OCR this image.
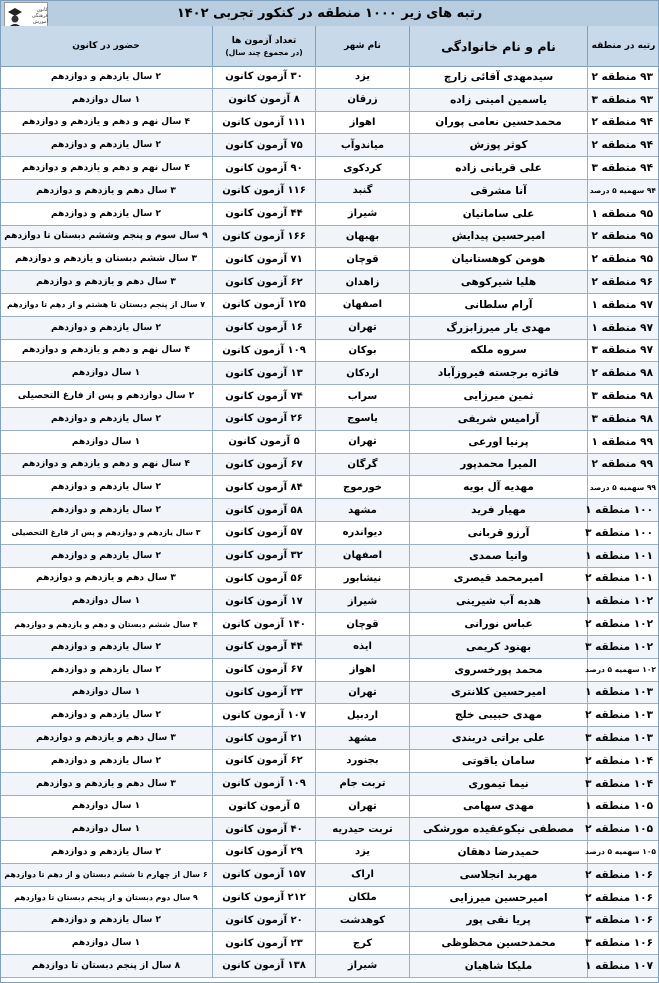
رتبه های زیر ۱۰۰۰ منطقه در کنکور تجربی ۱۴۰۲
کانون
فرهنگی
آموزش
رتبه در منطقه
نام و نام خانوادگی
نام شهر
تعداد آزمون ها
(در مجموع چند سال)
حضور در کانون
۹۳ منطقه ۲
سیدمهدی آقائی زارچ
یزد
۳۰ آزمون کانون
۲ سال یازدهم و دوازدهم
۹۳ منطقه ۳
یاسمین امینی زاده
زرقان
۸ آزمون کانون
۱ سال دوازدهم
۹۴ منطقه ۲
محمدحسین نعامی پوران
اهواز
۱۱۱ آزمون کانون
۴ سال نهم و دهم و یازدهم و دوازدهم
۹۴ منطقه ۲
کوثر پوزش
میاندوآب
۷۵ آزمون کانون
۲ سال یازدهم و دوازدهم
۹۴ منطقه ۳
علی قربانی زاده
کردکوی
۹۰ آزمون کانون
۴ سال نهم و دهم و یازدهم و دوازدهم
۹۴ سهمیه ۵ درصد
آنا مشرقی
گنبد
۱۱۶ آزمون کانون
۳ سال دهم و یازدهم و دوازدهم
۹۵ منطقه ۱
علی سامانیان
شیراز
۴۴ آزمون کانون
۲ سال یازدهم و دوازدهم
۹۵ منطقه ۲
امیرحسین پیدایش
بهبهان
۱۶۶ آزمون کانون
۹ سال سوم و پنجم وششم دبستان تا دوازدهم
۹۵ منطقه ۲
هومن کوهستانیان
قوچان
۷۱ آزمون کانون
۳ سال ششم دبستان و یازدهم و دوازدهم
۹۶ منطقه ۲
هلیا شیرکوهی
زاهدان
۶۲ آزمون کانون
۳ سال دهم و یازدهم و دوازدهم
۹۷ منطقه ۱
آرام سلطانی
اصفهان
۱۲۵ آزمون کانون
۷ سال از پنجم دبستان تا هشتم و از دهم تا دوازدهم
۹۷ منطقه ۱
مهدی یار میرزابزرگ
تهران
۱۶ آزمون کانون
۲ سال یازدهم و دوازدهم
۹۷ منطقه ۳
سروه ملکه
بوکان
۱۰۹ آزمون کانون
۴ سال نهم و دهم و یازدهم و دوازدهم
۹۸ منطقه ۲
فائزه برجسته فیروزآباد
اردکان
۱۳ آزمون کانون
۱ سال دوازدهم
۹۸ منطقه ۳
ثمین میرزایی
سراب
۷۴ آزمون کانون
۲ سال دوازدهم و پس از فارغ التحصیلی
۹۸ منطقه ۳
آرامیس شریفی
یاسوج
۲۶ آزمون کانون
۲ سال یازدهم و دوازدهم
۹۹ منطقه ۱
پرنیا اورعی
تهران
۵ آزمون کانون
۱ سال دوازدهم
۹۹ منطقه ۲
المیرا محمدپور
گرگان
۶۷ آزمون کانون
۴ سال نهم و دهم و یازدهم و دوازدهم
۹۹ سهمیه ۵ درصد
مهدیه آل بویه
خورموج
۸۴ آزمون کانون
۲ سال یازدهم و دوازدهم
۱۰۰ منطقه ۱
مهیار فرید
مشهد
۵۸ آزمون کانون
۲ سال یازدهم و دوازدهم
۱۰۰ منطقه ۳
آرزو قربانی
دیواندره
۵۷ آزمون کانون
۳ سال یازدهم و دوازدهم و پس از فارغ التحصیلی
۱۰۱ منطقه ۱
وانیا صمدی
اصفهان
۳۲ آزمون کانون
۲ سال یازدهم و دوازدهم
۱۰۱ منطقه ۲
امیرمحمد قیصری
نیشابور
۵۶ آزمون کانون
۳ سال دهم و یازدهم و دوازدهم
۱۰۲ منطقه ۱
هدیه آب شیرینی
شیراز
۱۷ آزمون کانون
۱ سال دوازدهم
۱۰۲ منطقه ۲
عباس نورانی
قوچان
۱۴۰ آزمون کانون
۴ سال ششم دبستان و دهم و یازدهم و دوازدهم
۱۰۲ منطقه ۳
بهنود کریمی
ایذه
۴۴ آزمون کانون
۲ سال یازدهم و دوازدهم
۱۰۲ سهمیه ۵ درصد
محمد پورخسروی
اهواز
۶۷ آزمون کانون
۲ سال یازدهم و دوازدهم
۱۰۳ منطقه ۱
امیرحسین کلانتری
تهران
۲۳ آزمون کانون
۱ سال دوازدهم
۱۰۳ منطقه ۲
مهدی حبیبی خلج
اردبیل
۱۰۷ آزمون کانون
۲ سال یازدهم و دوازدهم
۱۰۳ منطقه ۳
علی براتی دربندی
مشهد
۲۱ آزمون کانون
۳ سال دهم و یازدهم و دوازدهم
۱۰۴ منطقه ۲
سامان یاقوتی
بجنورد
۶۲ آزمون کانون
۲ سال یازدهم و دوازدهم
۱۰۴ منطقه ۳
نیما تیموری
تربت جام
۱۰۹ آزمون کانون
۳ سال دهم و یازدهم و دوازدهم
۱۰۵ منطقه ۱
مهدی سهامی
تهران
۵ آزمون کانون
۱ سال دوازدهم
۱۰۵ منطقه ۲
مصطفی نیکوعقیده مورشکی
تربت حیدریه
۴۰ آزمون کانون
۱ سال دوازدهم
۱۰۵ سهمیه ۵ درصد
حمیدرضا دهقان
یزد
۲۹ آزمون کانون
۲ سال یازدهم و دوازدهم
۱۰۶ منطقه ۲
مهربد انجلاسی
اراک
۱۵۷ آزمون کانون
۶ سال از چهارم تا ششم دبستان و از دهم تا دوازدهم
۱۰۶ منطقه ۲
امیرحسین میرزایی
ملکان
۲۱۲ آزمون کانون
۹ سال دوم دبستان و از پنجم دبستان تا دوازدهم
۱۰۶ منطقه ۳
پریا نقی پور
کوهدشت
۲۰ آزمون کانون
۲ سال یازدهم و دوازدهم
۱۰۶ منطقه ۳
محمدحسین محظوظی
کرج
۲۳ آزمون کانون
۱ سال دوازدهم
۱۰۷ منطقه ۱
ملیکا شاهیان
شیراز
۱۳۸ آزمون کانون
۸ سال از پنجم دبستان تا دوازدهم
